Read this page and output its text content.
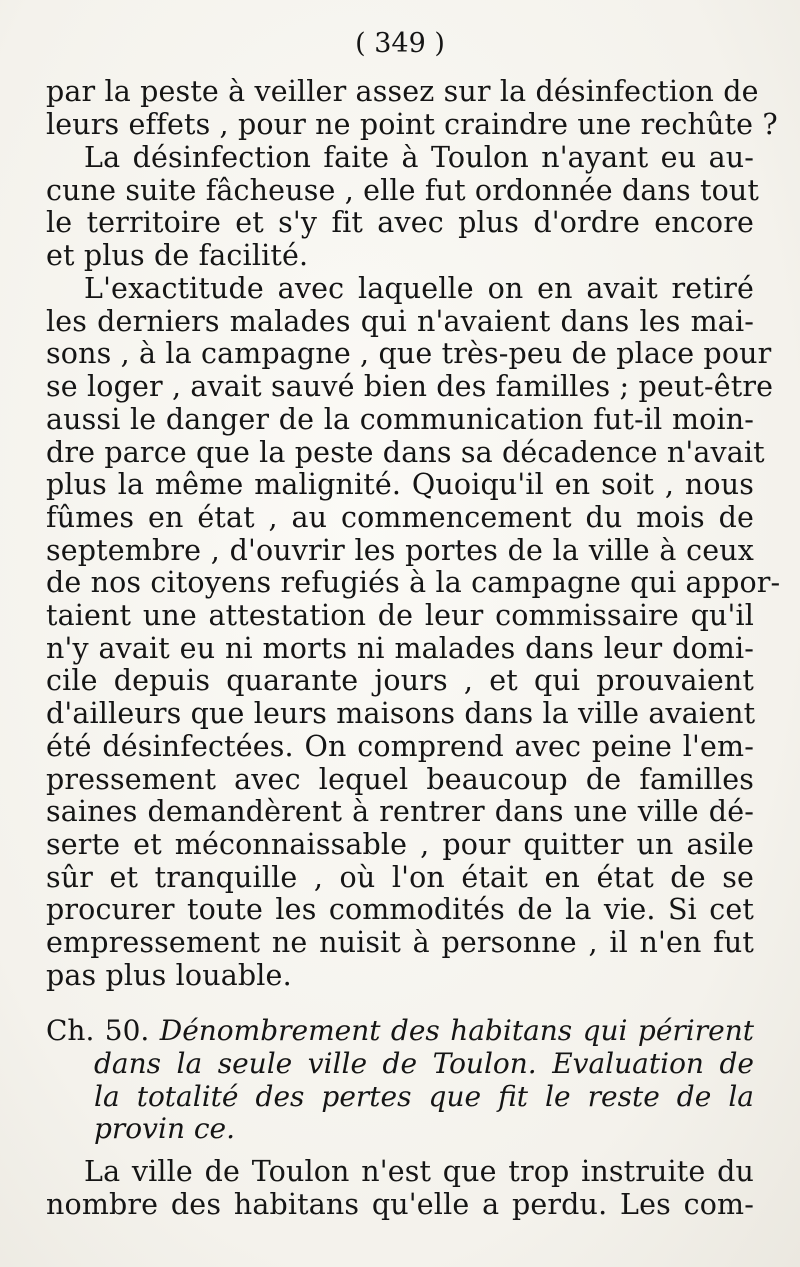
( 349 )
par la peste à veiller assez sur la désinfection de
leurs effets , pour ne point craindre une rechûte ?
La désinfection faite à Toulon n'ayant eu au-
cune suite fâcheuse , elle fut ordonnée dans tout
le territoire et s'y fit avec plus d'ordre encore
et plus de facilité.
L'exactitude avec laquelle on en avait retiré
les derniers malades qui n'avaient dans les mai-
sons , à la campagne , que très-peu de place pour
se loger , avait sauvé bien des familles ; peut-être
aussi le danger de la communication fut-il moin-
dre parce que la peste dans sa décadence n'avait
plus la même malignité. Quoiqu'il en soit , nous
fûmes en état , au commencement du mois de
septembre , d'ouvrir les portes de la ville à ceux
de nos citoyens refugiés à la campagne qui appor-
taient une attestation de leur commissaire qu'il
n'y avait eu ni morts ni malades dans leur domi-
cile depuis quarante jours , et qui prouvaient
d'ailleurs que leurs maisons dans la ville avaient
été désinfectées. On comprend avec peine l'em-
pressement avec lequel beaucoup de familles
saines demandèrent à rentrer dans une ville dé-
serte et méconnaissable , pour quitter un asile
sûr et tranquille , où l'on était en état de se
procurer toute les commodités de la vie. Si cet
empressement ne nuisit à personne , il n'en fut
pas plus louable.
Ch. 50. Dénombrement des habitans qui périrent
dans la seule ville de Toulon. Evaluation de
la totalité des pertes que fit le reste de la
provin ce.
La ville de Toulon n'est que trop instruite du
nombre des habitans qu'elle a perdu. Les com-
